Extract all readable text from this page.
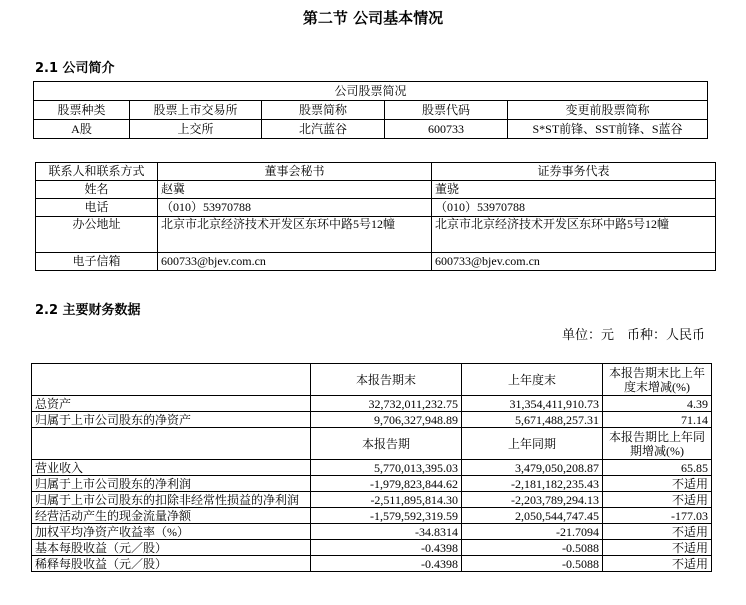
第二节 公司基本情况
2.1 公司简介
公司股票简况				
股票种类	股票上市交易所	股票简称	股票代码	变更前股票简称
A股	上交所	北汽蓝谷	600733	S*ST前锋、SST前锋、S蓝谷
联系人和联系方式	董事会秘书	证券事务代表
姓名	赵冀	董骁
电话	（010）53970788	（010）53970788
办公地址	北京市北京经济技术开发区东环中路5号12幢	北京市北京经济技术开发区东环中路5号12幢
电子信箱	600733@bjev.com.cn	600733@bjev.com.cn
2.2 主要财务数据
单位：元　币种：人民币
	本报告期末	上年度末	本报告期末比上年度末增减(%)
总资产	32,732,011,232.75	31,354,411,910.73	4.39
归属于上市公司股东的净资产	9,706,327,948.89	5,671,488,257.31	71.14
	本报告期	上年同期	本报告期比上年同期增减(%)
营业收入	5,770,013,395.03	3,479,050,208.87	65.85
归属于上市公司股东的净利润	-1,979,823,844.62	-2,181,182,235.43	不适用
归属于上市公司股东的扣除非经常性损益的净利润	-2,511,895,814.30	-2,203,789,294.13	不适用
经营活动产生的现金流量净额	-1,579,592,319.59	2,050,544,747.45	-177.03
加权平均净资产收益率（%）	-34.8314	-21.7094	不适用
基本每股收益（元／股）	-0.4398	-0.5088	不适用
稀释每股收益（元／股）	-0.4398	-0.5088	不适用
